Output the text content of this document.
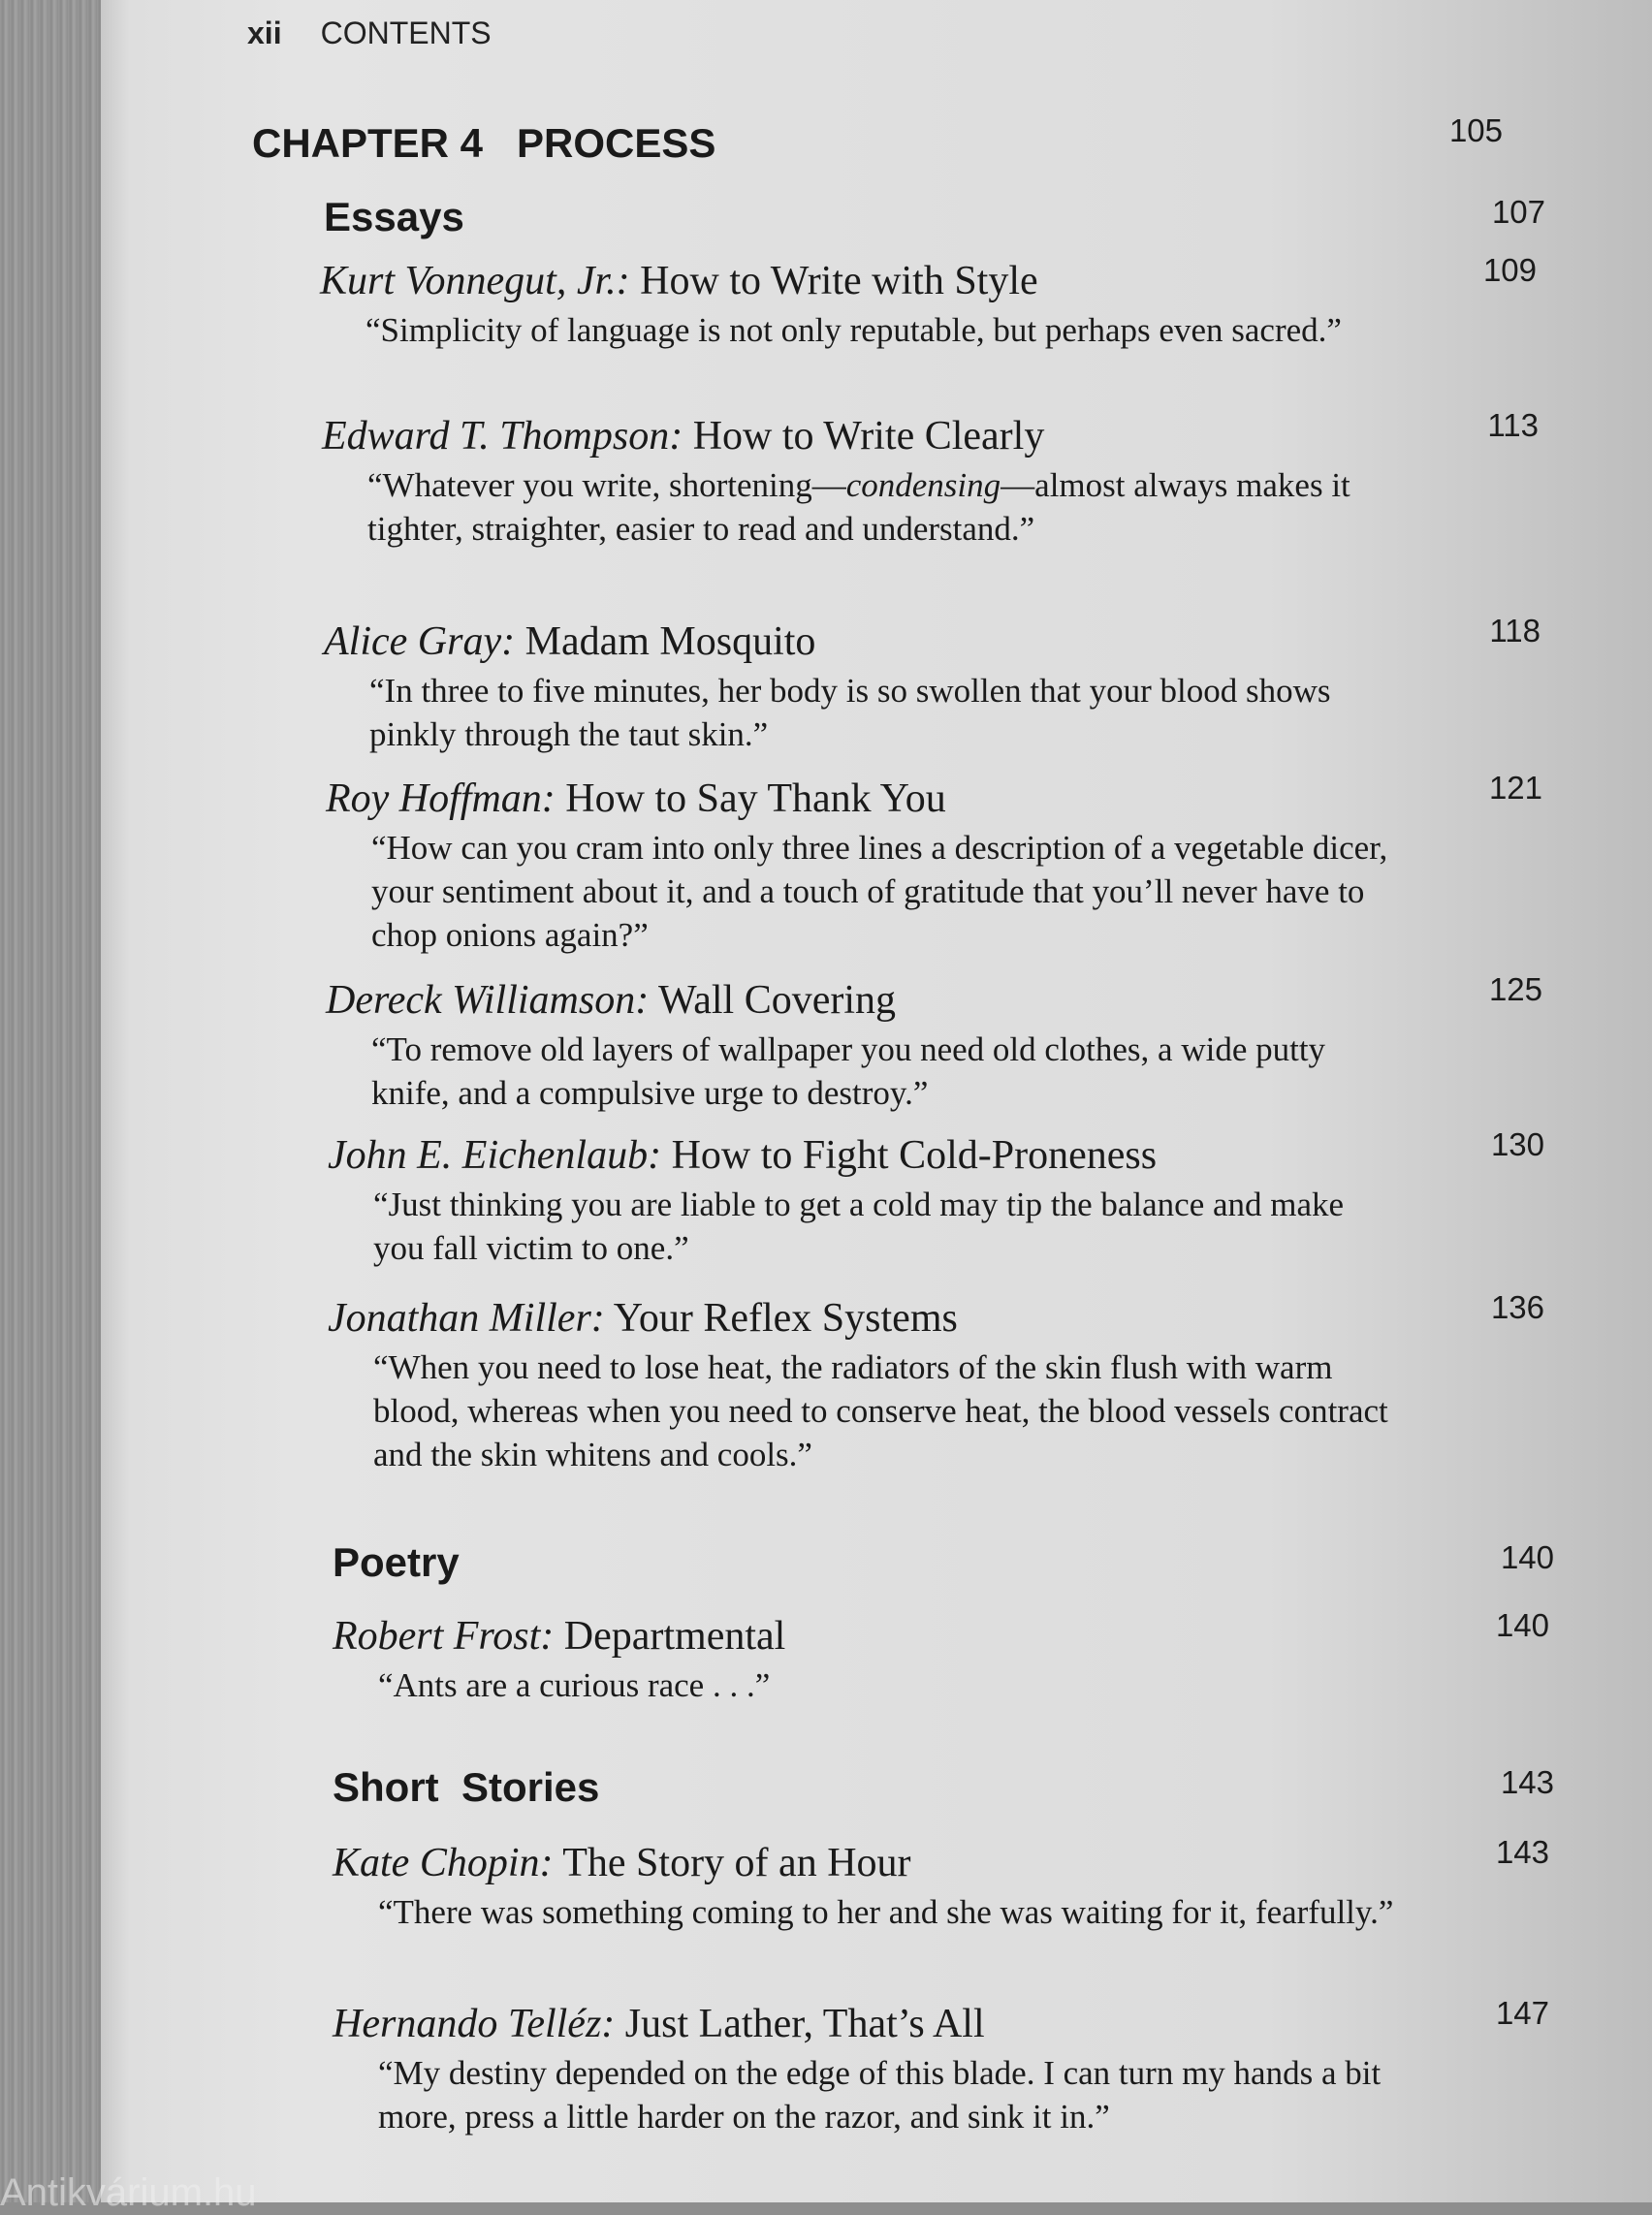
xii CONTENTS
CHAPTER 4   PROCESS	105
Essays	107
Kurt Vonnegut, Jr.: How to Write with Style	109
“Simplicity of language is not only reputable, but perhaps even sacred.”
Edward T. Thompson: How to Write Clearly	113
“Whatever you write, shortening—condensing—almost always makes it tighter, straighter, easier to read and understand.”
Alice Gray: Madam Mosquito	118
“In three to five minutes, her body is so swollen that your blood shows pinkly through the taut skin.”
Roy Hoffman: How to Say Thank You	121
“How can you cram into only three lines a description of a vegetable dicer, your sentiment about it, and a touch of gratitude that you’ll never have to chop onions again?”
Dereck Williamson: Wall Covering	125
“To remove old layers of wallpaper you need old clothes, a wide putty knife, and a compulsive urge to destroy.”
John E. Eichenlaub: How to Fight Cold-Proneness	130
“Just thinking you are liable to get a cold may tip the balance and make you fall victim to one.”
Jonathan Miller: Your Reflex Systems	136
“When you need to lose heat, the radiators of the skin flush with warm blood, whereas when you need to conserve heat, the blood vessels contract and the skin whitens and cools.”
Poetry	140
Robert Frost: Departmental	140
“Ants are a curious race . . .”
Short  Stories	143
Kate Chopin: The Story of an Hour	143
“There was something coming to her and she was waiting for it, fearfully.”
Hernando Telléz: Just Lather, That’s All	147
“My destiny depended on the edge of this blade. I can turn my hands a bit more, press a little harder on the razor, and sink it in.”
Antikvárium.hu
